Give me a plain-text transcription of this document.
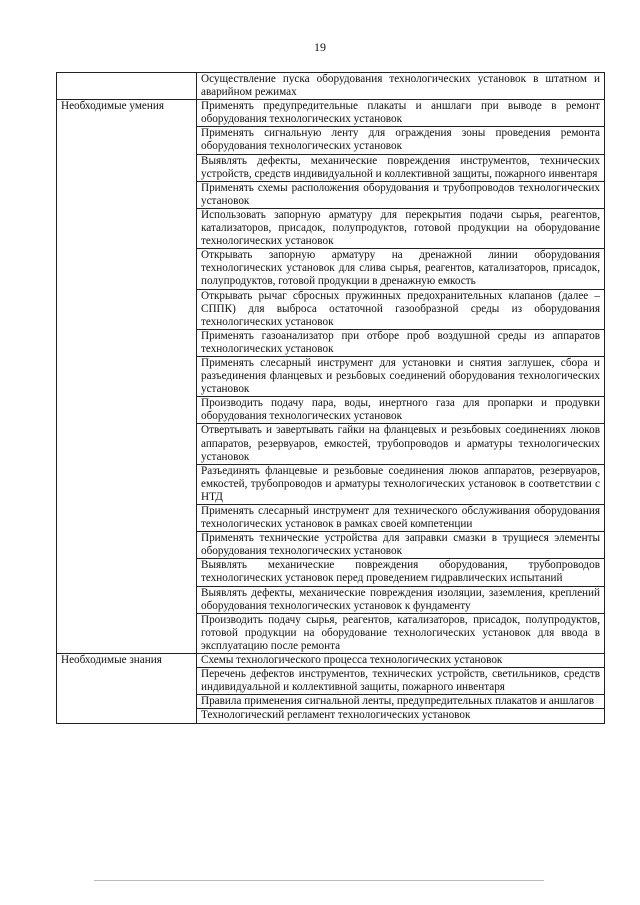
19
	Осуществление пуска оборудования технологических установок в штатном и аварийном режимах
Необходимые умения	Применять предупредительные плакаты и аншлаги при выводе в ремонт оборудования технологических установок
	Применять сигнальную ленту для ограждения зоны проведения ремонта оборудования технологических установок
	Выявлять дефекты, механические повреждения инструментов, технических устройств, средств индивидуальной и коллективной защиты, пожарного инвентаря
	Применять схемы расположения оборудования и трубопроводов технологических установок
	Использовать запорную арматуру для перекрытия подачи сырья, реагентов, катализаторов, присадок, полупродуктов, готовой продукции на оборудование технологических установок
	Открывать запорную арматуру на дренажной линии оборудования технологических установок для слива сырья, реагентов, катализаторов, присадок, полупродуктов, готовой продукции в дренажную емкость
	Открывать рычаг сбросных пружинных предохранительных клапанов (далее – СППК) для выброса остаточной газообразной среды из оборудования технологических установок
	Применять газоанализатор при отборе проб воздушной среды из аппаратов технологических установок
	Применять слесарный инструмент для установки и снятия заглушек, сбора и разъединения фланцевых и резьбовых соединений оборудования технологических установок
	Производить подачу пара, воды, инертного газа для пропарки и продувки оборудования технологических установок
	Отвертывать и завертывать гайки на фланцевых и резьбовых соединениях люков аппаратов, резервуаров, емкостей, трубопроводов и арматуры технологических установок
	Разъединять фланцевые и резьбовые соединения люков аппаратов, резервуаров, емкостей, трубопроводов и арматуры технологических установок в соответствии с НТД
	Применять слесарный инструмент для технического обслуживания оборудования технологических установок в рамках своей компетенции
	Применять технические устройства для заправки смазки в трущиеся элементы оборудования технологических установок
	Выявлять механические повреждения оборудования, трубопроводов технологических установок перед проведением гидравлических испытаний
	Выявлять дефекты, механические повреждения изоляции, заземления, креплений оборудования технологических установок к фундаменту
	Производить подачу сырья, реагентов, катализаторов, присадок, полупродуктов, готовой продукции на оборудование технологических установок для ввода в эксплуатацию после ремонта
Необходимые знания	Схемы технологического процесса технологических установок
	Перечень дефектов инструментов, технических устройств, светильников, средств индивидуальной и коллективной защиты, пожарного инвентаря
	Правила применения сигнальной ленты, предупредительных плакатов и аншлагов
	Технологический регламент технологических установок
